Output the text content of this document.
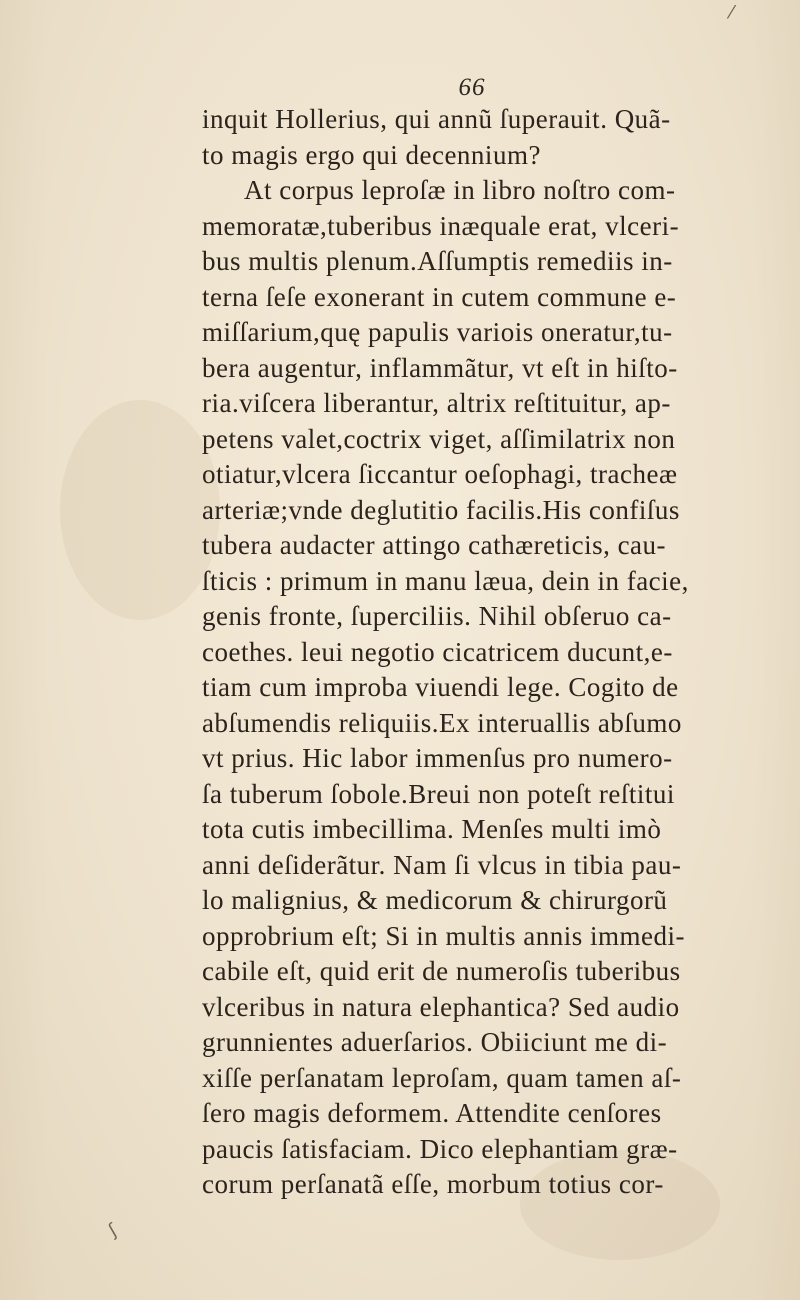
66
inquit Hollerius, qui annũ ſuperauit. Quã-
to magis ergo qui decennium?
At corpus leproſæ in libro noſtro com-
memoratæ,tuberibus inæquale erat, vlceri-
bus multis plenum.Aſſumptis remediis in-
terna ſeſe exonerant in cutem commune e-
miſſarium,quę papulis variois oneratur,tu-
bera augentur, inflammãtur, vt eſt in hiſto-
ria.viſcera liberantur, altrix reſtituitur, ap-
petens valet,coctrix viget, aſſimilatrix non
otiatur,vlcera ſiccantur oeſophagi, tracheæ
arteriæ;vnde deglutitio facilis.His confiſus
tubera audacter attingo cathæreticis, cau-
ſticis : primum in manu læua, dein in facie,
genis fronte, ſuperciliis. Nihil obſeruo ca-
coethes. leui negotio cicatricem ducunt,e-
tiam cum improba viuendi lege. Cogito de
abſumendis reliquiis.Ex interuallis abſumo
vt prius. Hic labor immenſus pro numero-
ſa tuberum ſobole.Breui non poteſt reſtitui
tota cutis imbecillima. Menſes multi imò
anni deſiderãtur. Nam ſi vlcus in tibia pau-
lo malignius, & medicorum & chirurgorũ
opprobrium eſt; Si in multis annis immedi-
cabile eſt, quid erit de numeroſis tuberibus
vlceribus in natura elephantica? Sed audio
grunnientes aduerſarios. Obiiciunt me di-
xiſſe perſanatam leproſam, quam tamen aſ-
ſero magis deformem. Attendite cenſores
paucis ſatisfaciam. Dico elephantiam græ-
corum perſanatã eſſe, morbum totius cor-
ʃ
⁄
